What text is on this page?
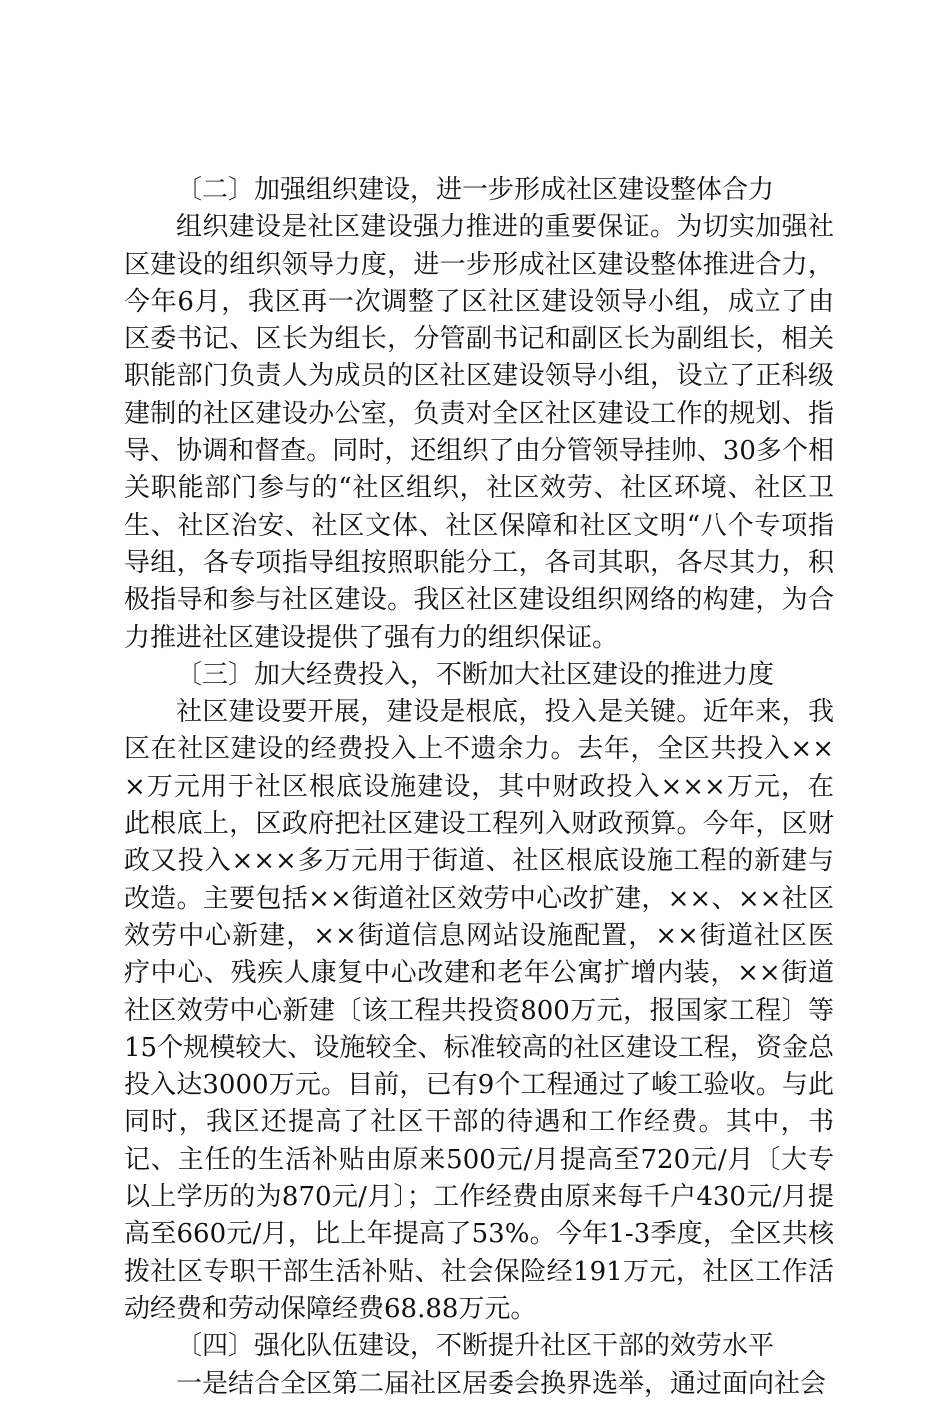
〔二〕加强组织建设，进一步形成社区建设整体合力

组织建设是社区建设强力推进的重要保证。为切实加强社区建设的组织领导力度，进一步形成社区建设整体推进合力，今年6月，我区再一次调整了区社区建设领导小组，成立了由区委书记、区长为组长，分管副书记和副区长为副组长，相关职能部门负责人为成员的区社区建设领导小组，设立了正科级建制的社区建设办公室，负责对全区社区建设工作的规划、指导、协调和督查。同时，还组织了由分管领导挂帅、30多个相关职能部门参与的“社区组织，社区效劳、社区环境、社区卫生、社区治安、社区文体、社区保障和社区文明“八个专项指导组，各专项指导组按照职能分工，各司其职，各尽其力，积极指导和参与社区建设。我区社区建设组织网络的构建，为合力推进社区建设提供了强有力的组织保证。

〔三〕加大经费投入，不断加大社区建设的推进力度

社区建设要开展，建设是根底，投入是关键。近年来，我区在社区建设的经费投入上不遗余力。去年，全区共投入×××万元用于社区根底设施建设，其中财政投入×××万元，在此根底上，区政府把社区建设工程列入财政预算。今年，区财政又投入×××多万元用于街道、社区根底设施工程的新建与改造。主要包括××街道社区效劳中心改扩建，××、××社区效劳中心新建，××街道信息网站设施配置，××街道社区医疗中心、残疾人康复中心改建和老年公寓扩增内装，××街道社区效劳中心新建〔该工程共投资800万元，报国家工程〕等15个规模较大、设施较全、标准较高的社区建设工程，资金总投入达3000万元。目前，已有9个工程通过了峻工验收。与此同时，我区还提高了社区干部的待遇和工作经费。其中，书记、主任的生活补贴由原来500元/月提高至720元/月〔大专以上学历的为870元/月〕；工作经费由原来每千户430元/月提高至660元/月，比上年提高了53%。今年1-3季度，全区共核拨社区专职干部生活补贴、社会保险经191万元，社区工作活动经费和劳动保障经费68.88万元。

〔四〕强化队伍建设，不断提升社区干部的效劳水平

一是结合全区第二届社区居委会换界选举，通过面向社会
